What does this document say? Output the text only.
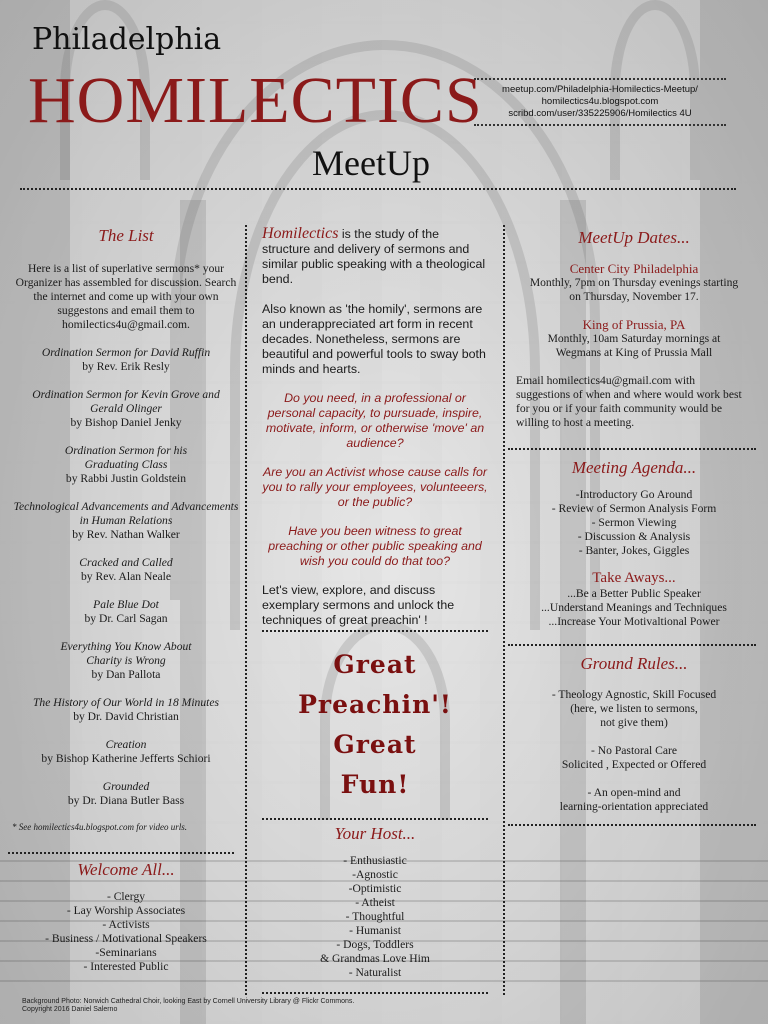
Philadelphia
HOMILECTICS
MeetUp
meetup.com/Philadelphia-Homilectics-Meetup/
homilectics4u.blogspot.com
scribd.com/user/335225906/Homilectics 4U
The List
Here is a list of superlative sermons* your Organizer has assembled for discussion. Search the internet and come up with your own suggestons and email them to homilectics4u@gmail.com.
Ordination Sermon for David Ruffin
by Rev. Erik Resly
Ordination Sermon for Kevin Grove and Gerald Olinger
by Bishop Daniel Jenky
Ordination Sermon for his Graduating Class
by Rabbi Justin Goldstein
Technological Advancements and Advancements in Human Relations
by Rev. Nathan Walker
Cracked and Called
by Rev. Alan Neale
Pale Blue Dot
by Dr. Carl Sagan
Everything You Know About Charity is Wrong
by Dan Pallota
The History of Our World in 18 Minutes
by Dr. David Christian
Creation
by Bishop Katherine Jefferts Schiori
Grounded
by Dr. Diana Butler Bass
* See homilectics4u.blogspot.com for video urls.
Welcome All...
- Clergy
- Lay Worship Associates
- Activists
- Business / Motivational Speakers
-Seminarians
- Interested Public
Homilectics is the study of the structure and delivery of sermons and similar public speaking with a theological bend.
Also known as 'the homily', sermons are an underappreciated art form in recent decades. Nonetheless, sermons are beautiful and powerful tools to sway both minds and hearts.
Do you need, in a professional or personal capacity, to pursuade, inspire, motivate, inform, or otherwise 'move' an audience?
Are you an Activist whose cause calls for you to rally your employees, volunteeers, or the public?
Have you been witness to great preaching or other public speaking and wish you could do that too?
Let's view, explore, and discuss exemplary sermons and unlock the techniques of great preachin' !
Great
Preachin'!
Great
Fun!
Your Host...
- Enthusiastic
-Agnostic
-Optimistic
- Atheist
- Thoughtful
- Humanist
- Dogs, Toddlers
& Grandmas Love Him
- Naturalist
MeetUp Dates...
Center City Philadelphia
Monthly, 7pm on Thursday evenings starting on Thursday, November 17.
King of Prussia, PA
Monthly, 10am Saturday mornings at Wegmans at King of Prussia Mall
Email homilectics4u@gmail.com with suggestions of when and where would work best for you or if your faith community would be willing to host a meeting.
Meeting Agenda...
-Introductory Go Around
- Review of Sermon Analysis Form
- Sermon Viewing
- Discussion & Analysis
- Banter, Jokes, Giggles
Take Aways...
...Be a Better Public Speaker
...Understand Meanings and Techniques
...Increase Your Motivaltional Power
Ground Rules...
- Theology Agnostic, Skill Focused
(here, we listen to sermons,
not give them)
- No Pastoral Care
Solicited , Expected or Offered
- An open-mind and
learning-orientation appreciated
Background Photo: Norwich Cathedral Choir, looking East by Cornell University Library @ Flickr Commons.
Copyright 2016 Daniel Salerno
